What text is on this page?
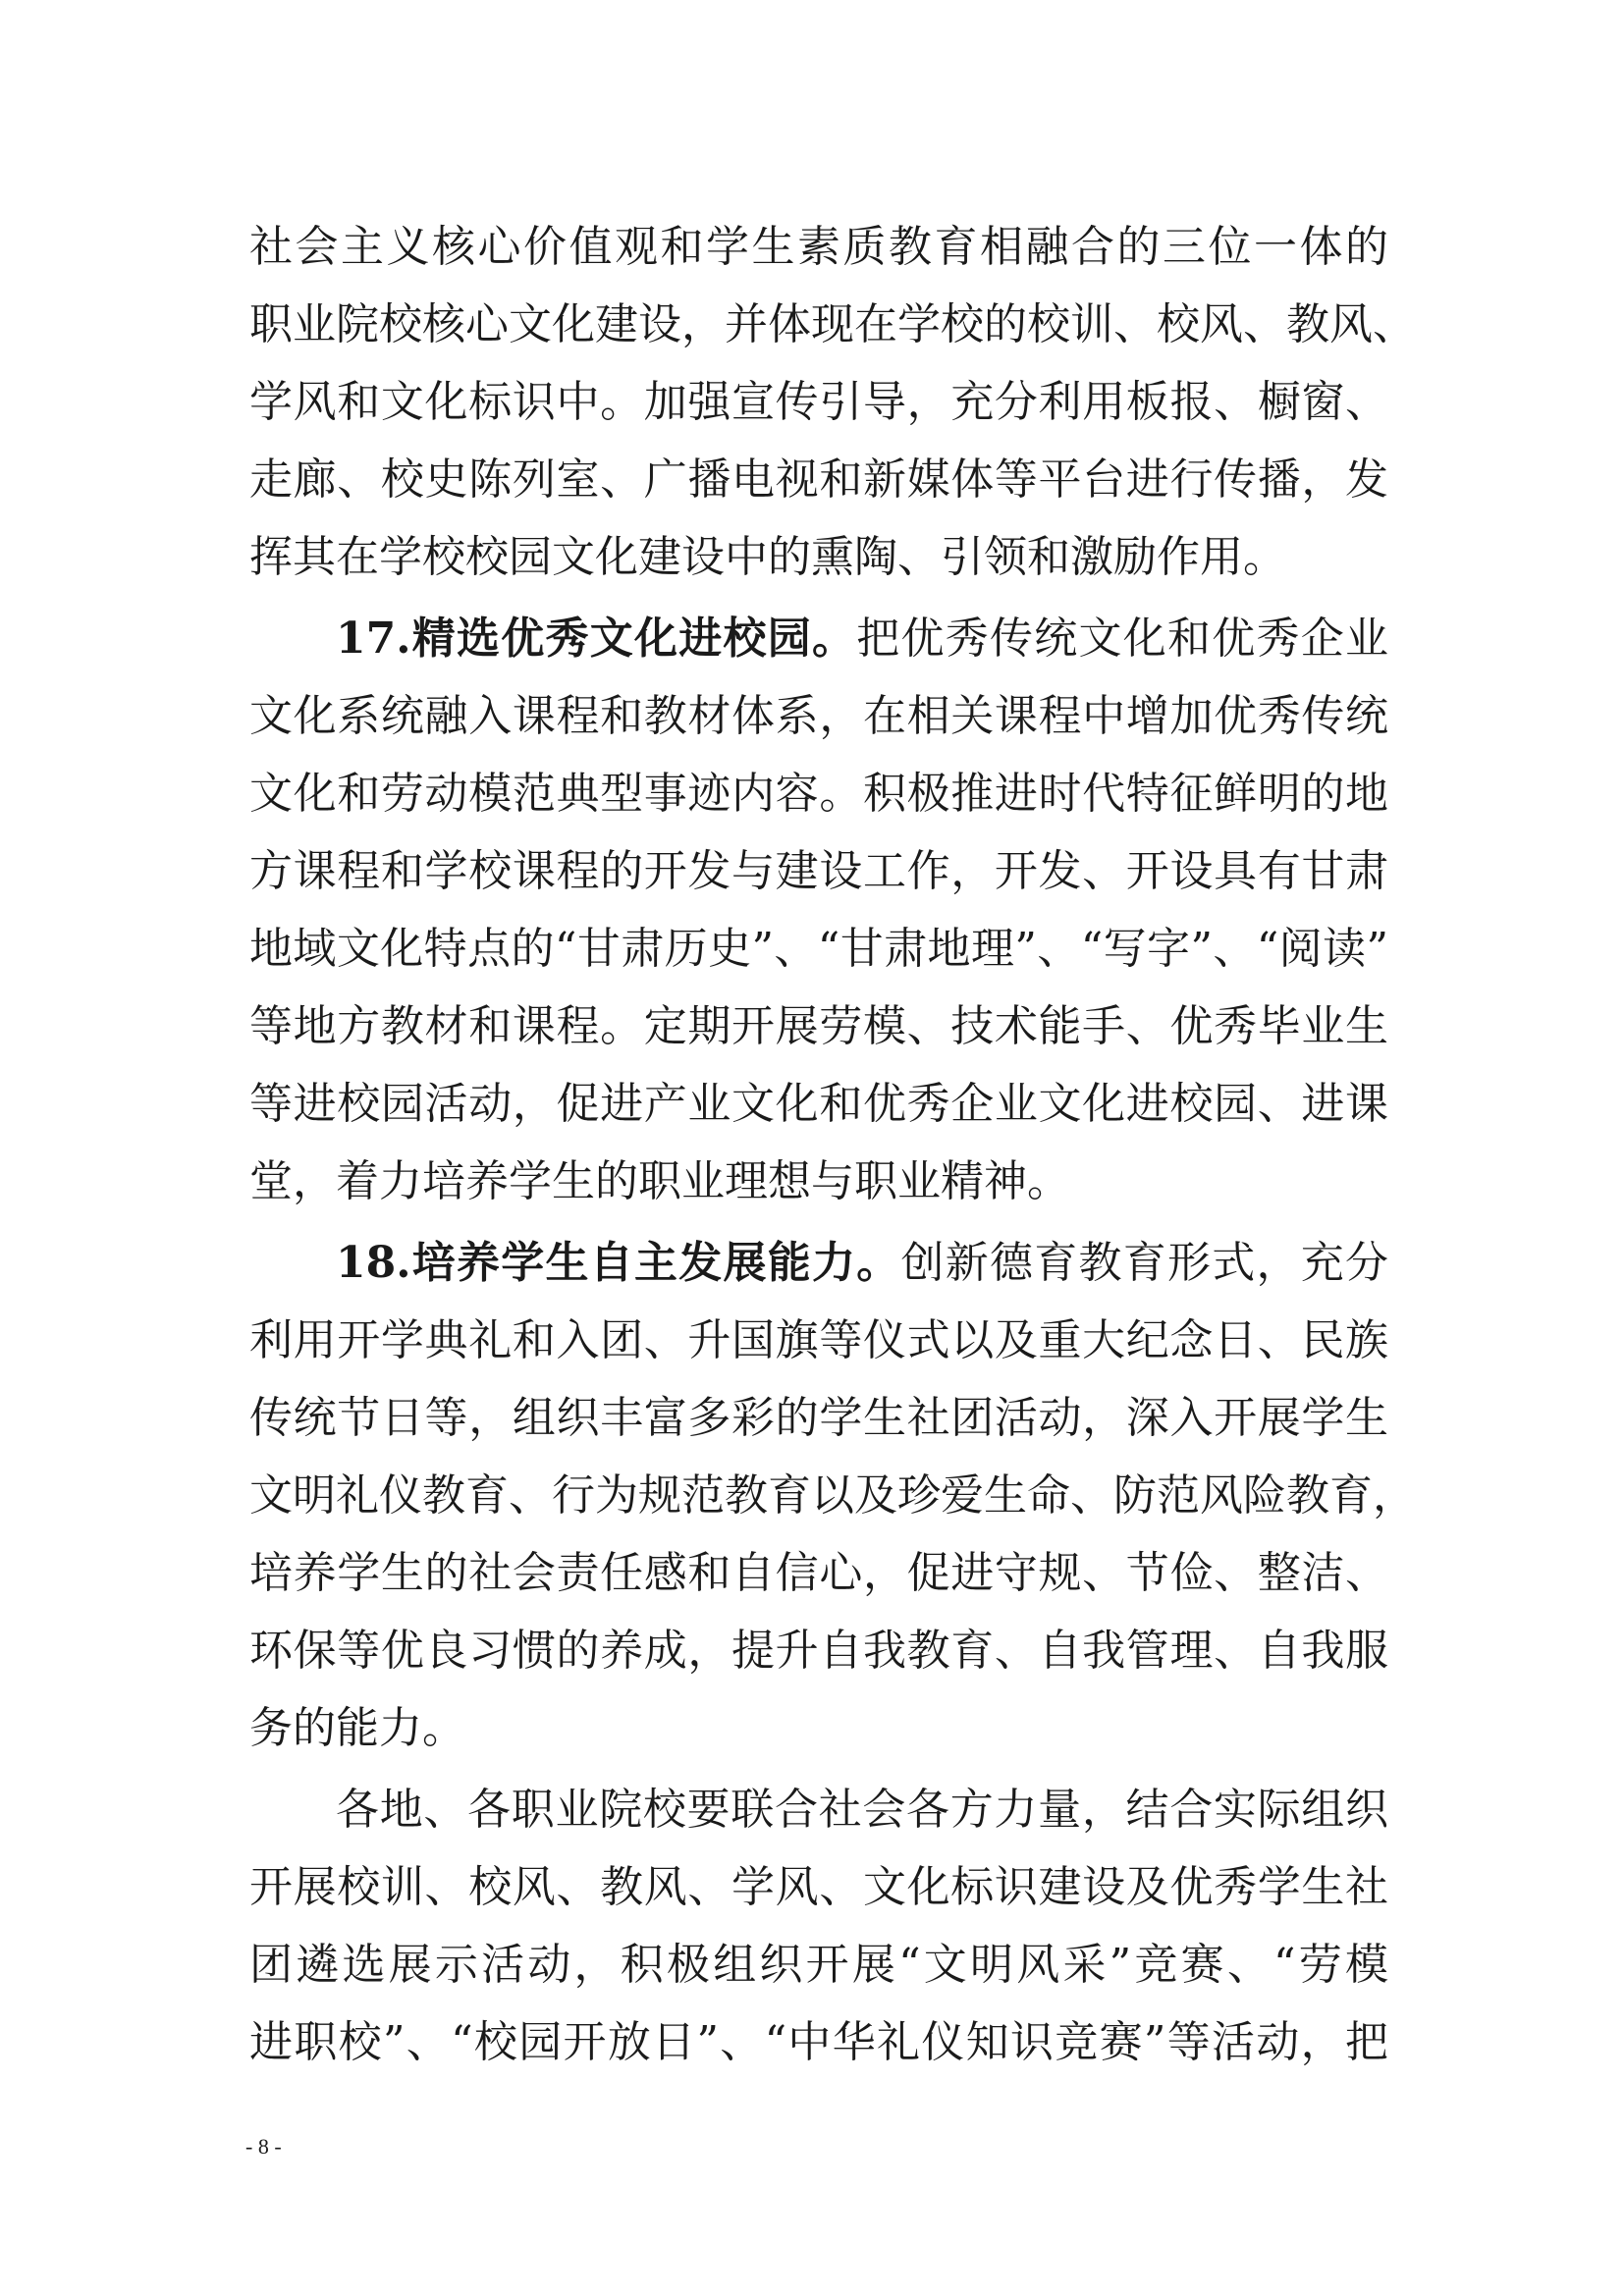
社会主义核心价值观和学生素质教育相融合的三位一体的
职业院校核心文化建设，并体现在学校的校训、校风、教风、
学风和文化标识中。加强宣传引导，充分利用板报、橱窗、
走廊、校史陈列室、广播电视和新媒体等平台进行传播，发
挥其在学校校园文化建设中的熏陶、引领和激励作用。
17.精选优秀文化进校园。把优秀传统文化和优秀企业
文化系统融入课程和教材体系，在相关课程中增加优秀传统
文化和劳动模范典型事迹内容。积极推进时代特征鲜明的地
方课程和学校课程的开发与建设工作，开发、开设具有甘肃
地域文化特点的“甘肃历史”、“甘肃地理”、“写字”、“阅读”
等地方教材和课程。定期开展劳模、技术能手、优秀毕业生
等进校园活动，促进产业文化和优秀企业文化进校园、进课
堂，着力培养学生的职业理想与职业精神。
18.培养学生自主发展能力。创新德育教育形式，充分
利用开学典礼和入团、升国旗等仪式以及重大纪念日、民族
传统节日等，组织丰富多彩的学生社团活动，深入开展学生
文明礼仪教育、行为规范教育以及珍爱生命、防范风险教育，
培养学生的社会责任感和自信心，促进守规、节俭、整洁、
环保等优良习惯的养成，提升自我教育、自我管理、自我服
务的能力。
各地、各职业院校要联合社会各方力量，结合实际组织
开展校训、校风、教风、学风、文化标识建设及优秀学生社
团遴选展示活动，积极组织开展“文明风采”竞赛、“劳模
进职校”、“校园开放日”、“中华礼仪知识竞赛”等活动，把
- 8 -
